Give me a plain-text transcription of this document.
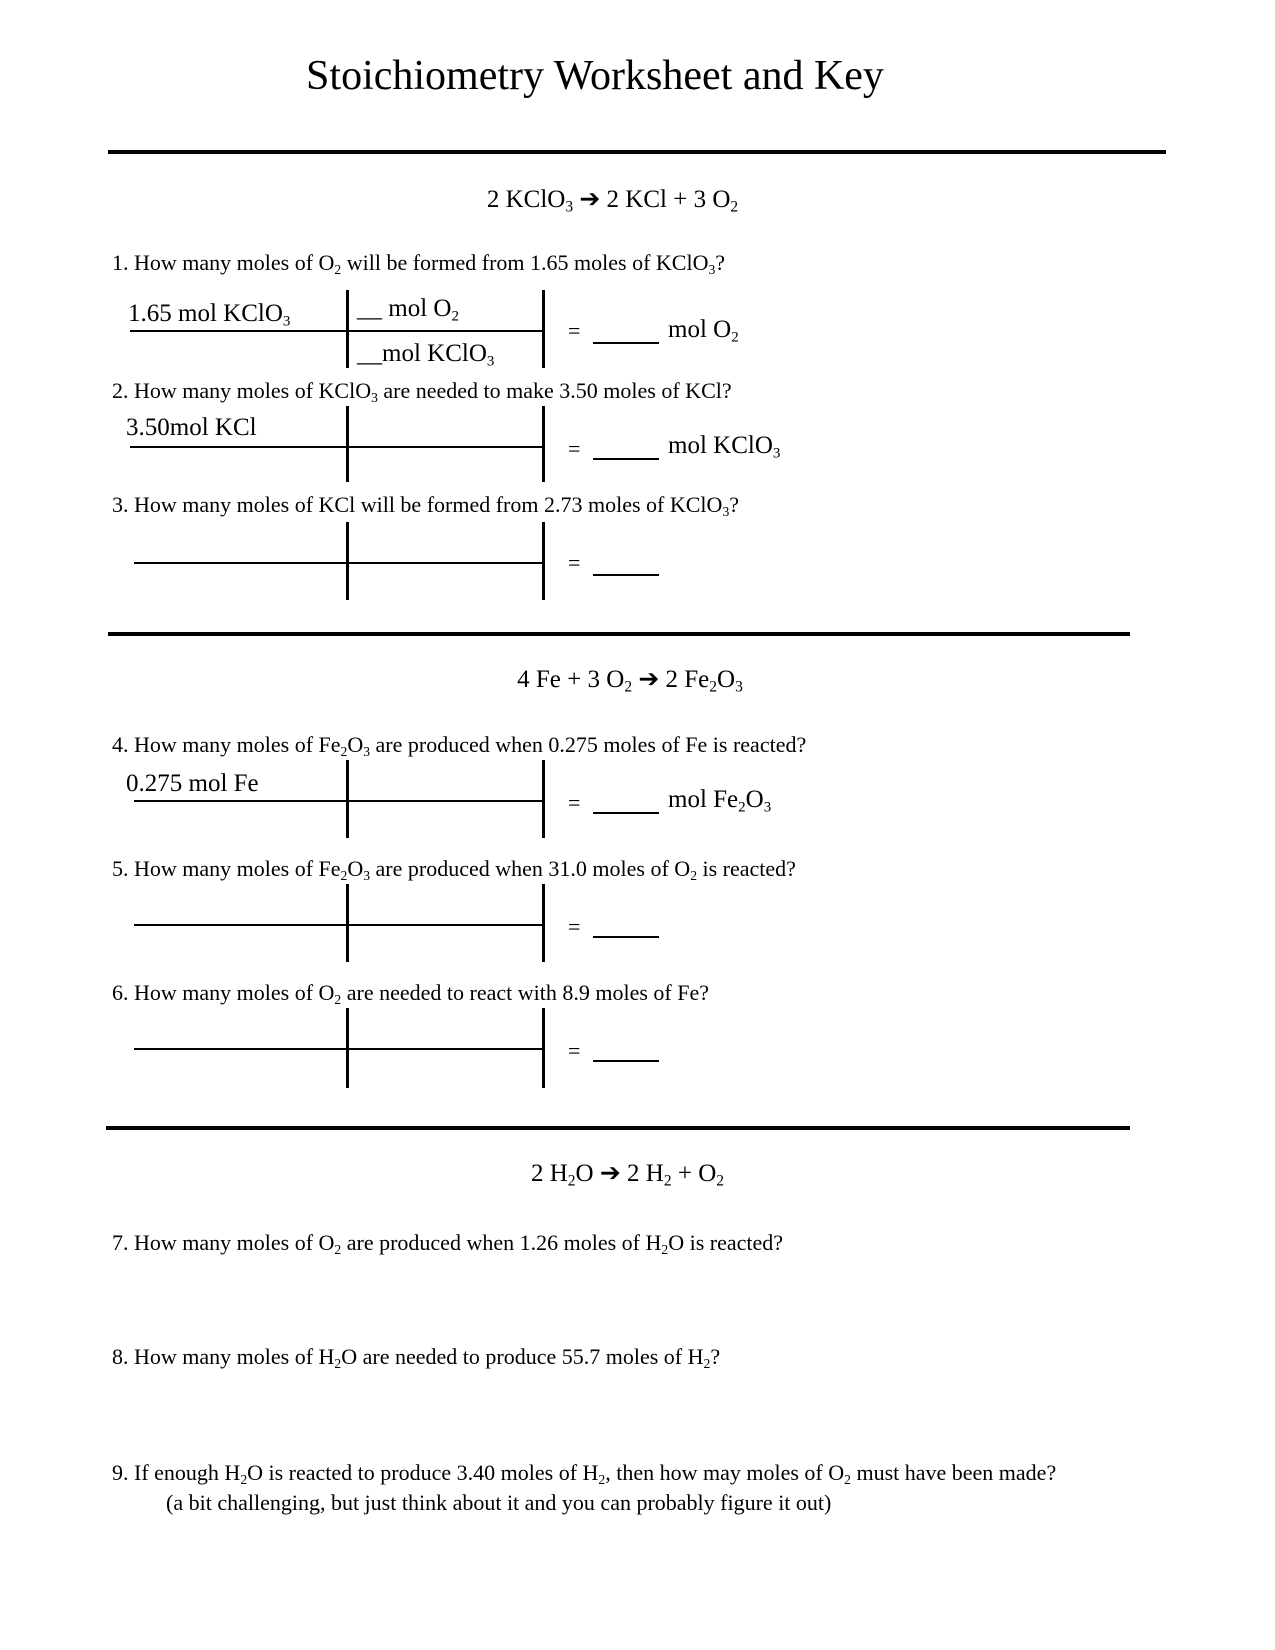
Stoichiometry Worksheet and Key
2 KClO$_3$ ➔ 2 KCl + 3 $O_2$
1. How many moles of $O_2$ will be formed from 1.65 moles of KClO$_3$?
1.65 mol KClO3	__ mol O2
__mol KClO3
=	mol O2
2. How many moles of KClO$_3$ are needed to make 3.50 moles of KCl?
3.50mol KCl
=	mol KClO3
3. How many moles of KCl will be formed from 2.73 moles of KClO$_3$?
=
4 Fe + 3 $O_2$ ➔ 2 $Fe_2O_3$
4. How many moles of $Fe_2O_3$ are produced when 0.275 moles of Fe is reacted?
0.275 mol Fe
=	mol Fe2O3
5. How many moles of $Fe_2O_3$ are produced when 31.0 moles of $O_2$ is reacted?
=
6. How many moles of $O_2$ are needed to react with 8.9 moles of Fe?
=
2 $H_2O$ ➔ 2 $H_2 + O_2$
7. How many moles of $O_2$ are produced when 1.26 moles of $H_2O$ is reacted?
8. How many moles of $H_2O$ are needed to produce 55.7 moles of $H_2$?
9. If enough $H_2O$ is reacted to produce 3.40 moles of $H_2$, then how may moles of $O_2$ must have been made?
(a bit challenging, but just think about it and you can probably figure it out)
